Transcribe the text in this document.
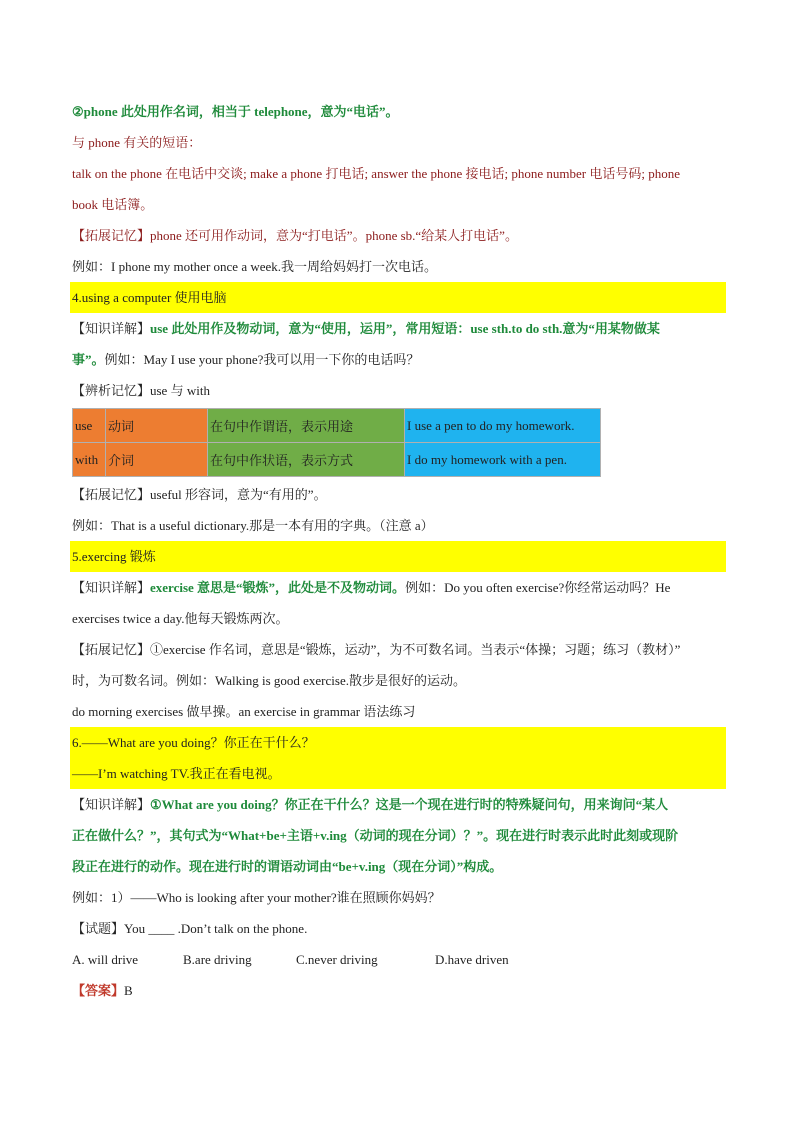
②phone 此处用作名词，相当于 telephone，意为“电话”。
与 phone 有关的短语：
talk on the phone 在电话中交谈; make a phone 打电话; answer the phone 接电话; phone number 电话号码; phone
book 电话簿。
【拓展记忆】phone 还可用作动词，意为“打电话”。phone sb.“给某人打电话”。
例如：I phone my mother once a week.我一周给妈妈打一次电话。
4.using a computer 使用电脑
【知识详解】use 此处用作及物动词，意为“使用，运用”，常用短语：use sth.to do sth.意为“用某物做某
事”。例如：May I use your phone?我可以用一下你的电话吗？
【辨析记忆】use 与 with
use	动词	在句中作谓语，表示用途	I use a pen to do my homework.
with	介词	在句中作状语，表示方式	I do my homework with a pen.
【拓展记忆】useful 形容词，意为“有用的”。
例如：That is a useful dictionary.那是一本有用的字典。（注意 a）
5.exercing 锻炼
【知识详解】exercise 意思是“锻炼”，此处是不及物动词。例如：Do you often exercise?你经常运动吗？He
exercises twice a day.他每天锻炼两次。
【拓展记忆】①exercise 作名词，意思是“锻炼，运动”，为不可数名词。当表示“体操；习题；练习（教材）”
时，为可数名词。例如：Walking is good exercise.散步是很好的运动。
do morning exercises 做早操。an exercise in grammar 语法练习
6.——What are you doing？你正在干什么？
——I’m watching TV.我正在看电视。
【知识详解】①What are you doing？你正在干什么？这是一个现在进行时的特殊疑问句，用来询问“某人
正在做什么？”，其句式为“What+be+主语+v.ing（动词的现在分词）？”。现在进行时表示此时此刻或现阶
段正在进行的动作。现在进行时的谓语动词由“be+v.ing（现在分词）”构成。
例如：1）——Who is looking after your mother?谁在照顾你妈妈？
【试题】You ____ .Don’t talk on the phone.
A. will drive	B.are driving	C.never driving	D.have driven
【答案】B
